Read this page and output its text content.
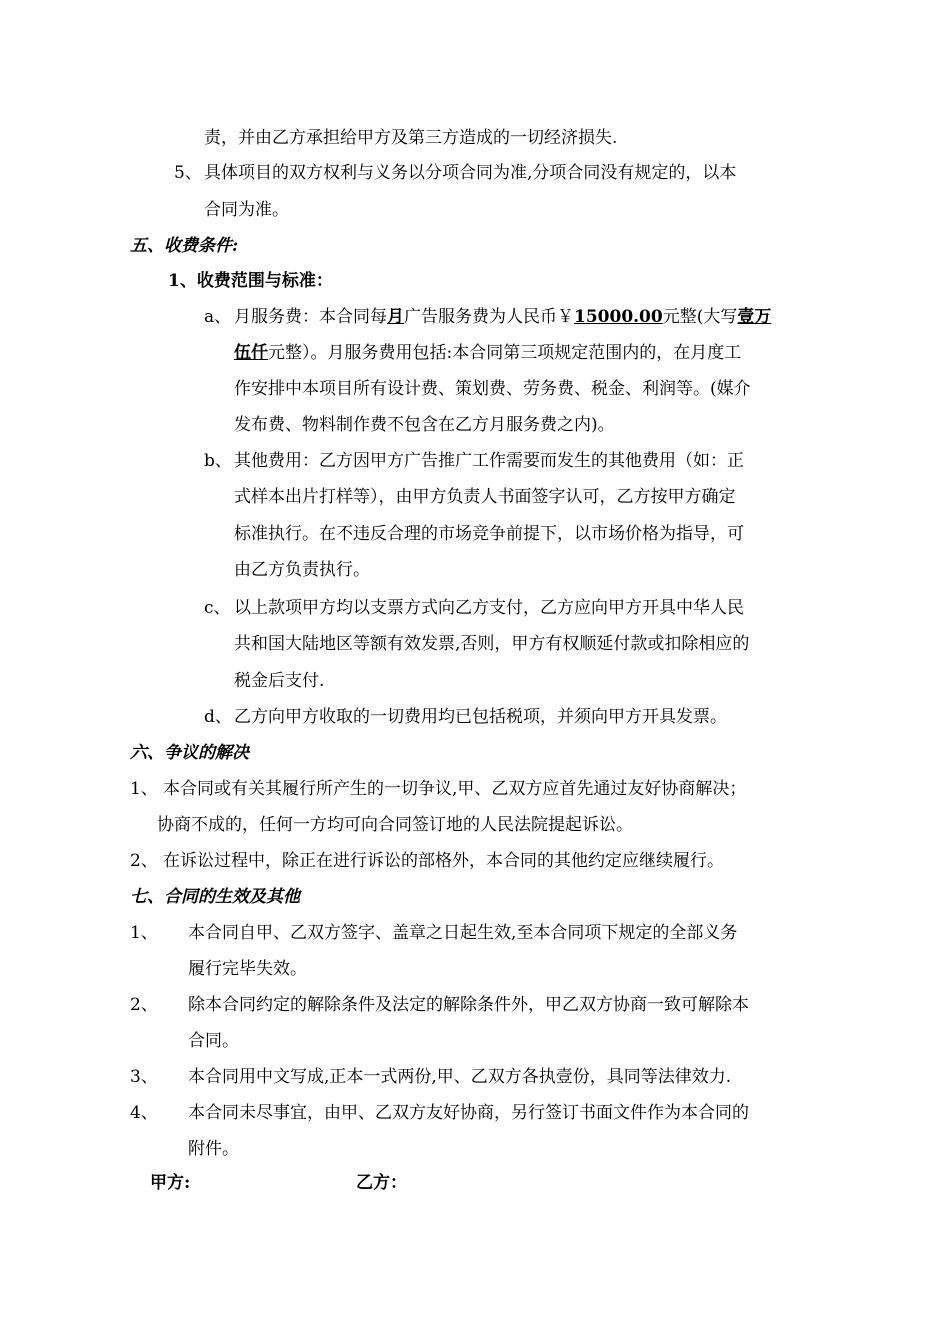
责，并由乙方承担给甲方及第三方造成的一切经济损失.
5、 具体项目的双方权利与义务以分项合同为准,分项合同没有规定的，以本
合同为准。
五、收费条件:
1、收费范围与标准：
a、 月服务费：本合同每月广告服务费为人民币￥15000.00元整(大写壹万
伍仟元整）。月服务费用包括:本合同第三项规定范围内的，在月度工
作安排中本项目所有设计费、策划费、劳务费、税金、利润等。(媒介
发布费、物料制作费不包含在乙方月服务费之内)。
b、 其他费用：乙方因甲方广告推广工作需要而发生的其他费用（如：正
式样本出片打样等），由甲方负责人书面签字认可，乙方按甲方确定
标准执行。在不违反合理的市场竞争前提下，以市场价格为指导，可
由乙方负责执行。
c、 以上款项甲方均以支票方式向乙方支付，乙方应向甲方开具中华人民
共和国大陆地区等额有效发票,否则，甲方有权顺延付款或扣除相应的
税金后支付.
d、 乙方向甲方收取的一切费用均已包括税项，并须向甲方开具发票。
六、争议的解决
1、 本合同或有关其履行所产生的一切争议,甲、乙双方应首先通过友好协商解决；
协商不成的，任何一方均可向合同签订地的人民法院提起诉讼。
2、 在诉讼过程中，除正在进行诉讼的部格外，本合同的其他约定应继续履行。
七、合同的生效及其他
1、 本合同自甲、乙双方签字、盖章之日起生效,至本合同项下规定的全部义务
履行完毕失效。
2、 除本合同约定的解除条件及法定的解除条件外，甲乙双方协商一致可解除本
合同。
3、 本合同用中文写成,正本一式两份,甲、乙双方各执壹份，具同等法律效力.
4、 本合同未尽事宜，由甲、乙双方友好协商，另行签订书面文件作为本合同的
附件。
甲方:	乙方：
